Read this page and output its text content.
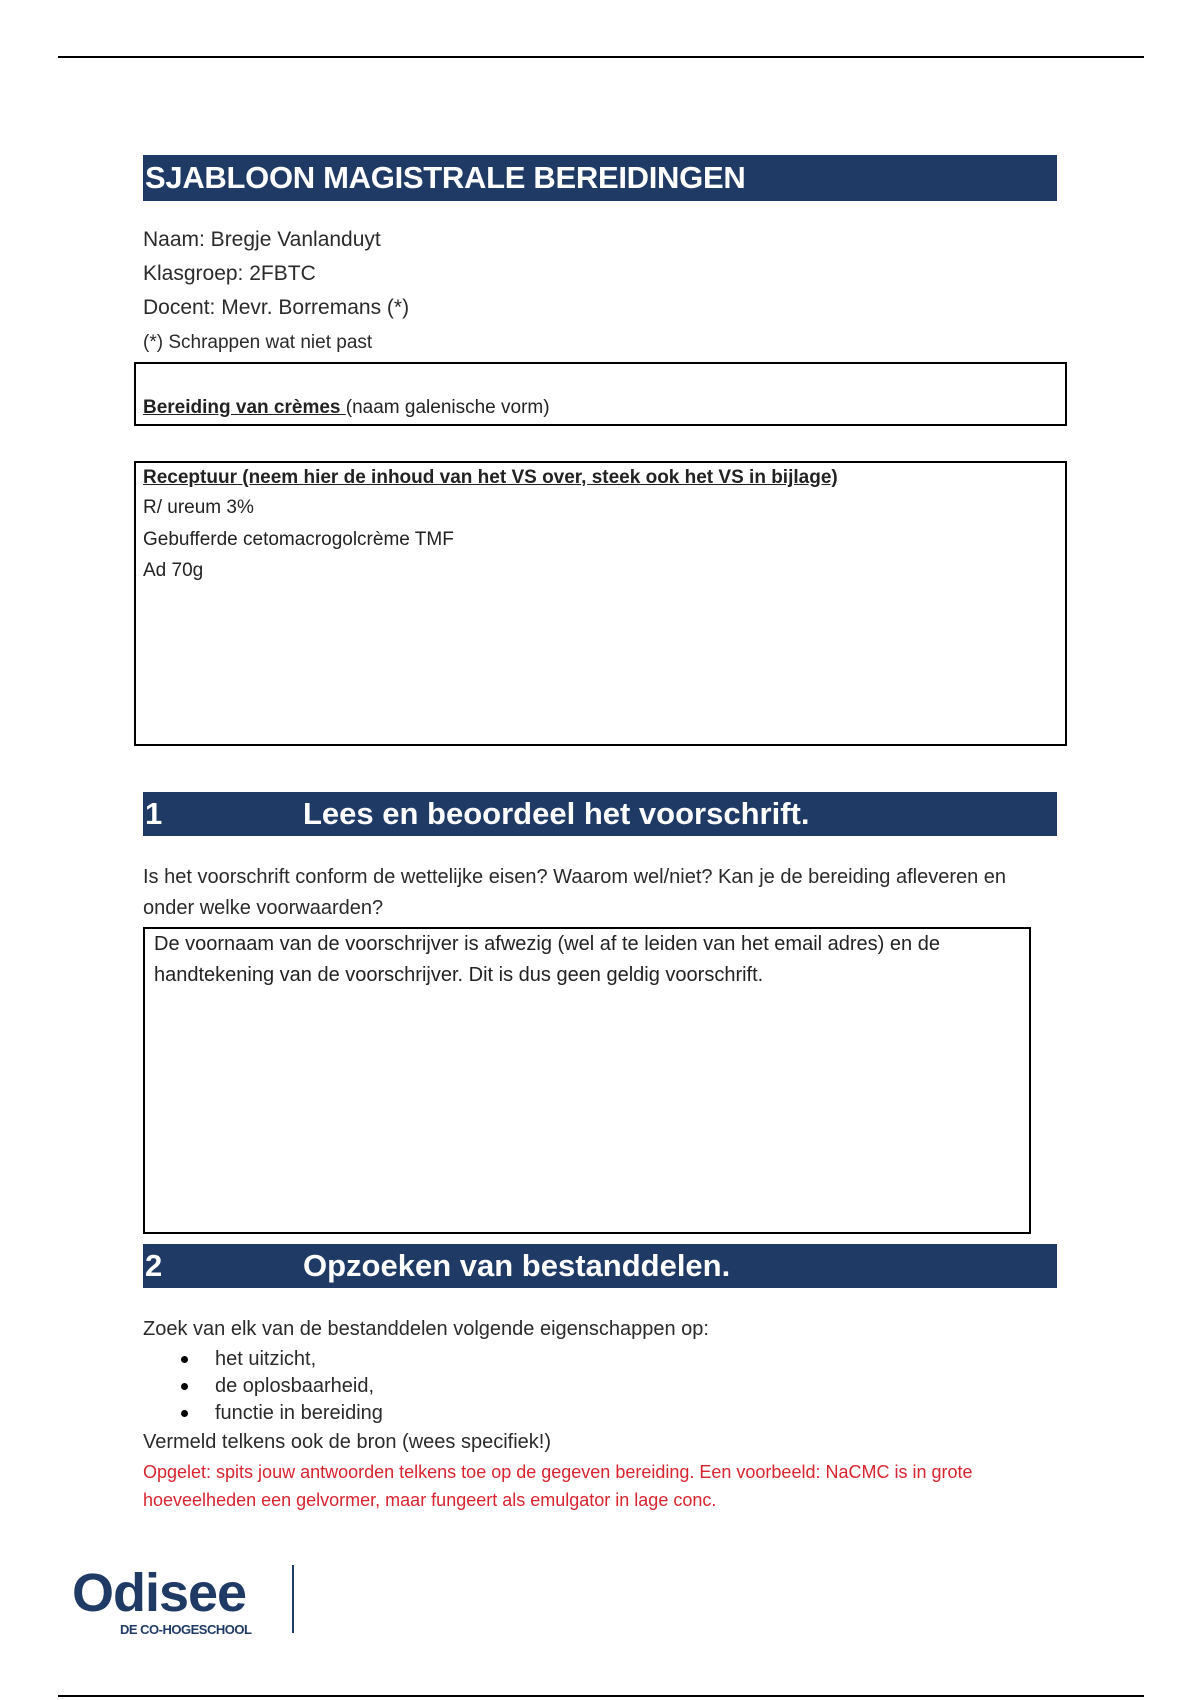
SJABLOON MAGISTRALE BEREIDINGEN
Naam: Bregje Vanlanduyt
Klasgroep: 2FBTC
Docent: Mevr. Borremans (*)
(*) Schrappen wat niet past
Bereiding van crèmes (naam galenische vorm)
Receptuur (neem hier de inhoud van het VS over, steek ook het VS in bijlage)
R/ ureum 3%
Gebufferde cetomacrogolcrème TMF
Ad 70g
1	Lees en beoordeel het voorschrift.
Is het voorschrift conform de wettelijke eisen? Waarom wel/niet? Kan je de bereiding afleveren en onder welke voorwaarden?
De voornaam van de voorschrijver is afwezig (wel af te leiden van het email adres) en de handtekening van de voorschrijver. Dit is dus geen geldig voorschrift.
2	Opzoeken van bestanddelen.
Zoek van elk van de bestanddelen volgende eigenschappen op:
het uitzicht,
de oplosbaarheid,
functie in bereiding
Vermeld telkens ook de bron (wees specifiek!)
Opgelet: spits jouw antwoorden telkens toe op de gegeven bereiding. Een voorbeeld: NaCMC is in grote hoeveelheden een gelvormer, maar fungeert als emulgator in lage conc.
Odisee
DE CO-HOGESCHOOL
